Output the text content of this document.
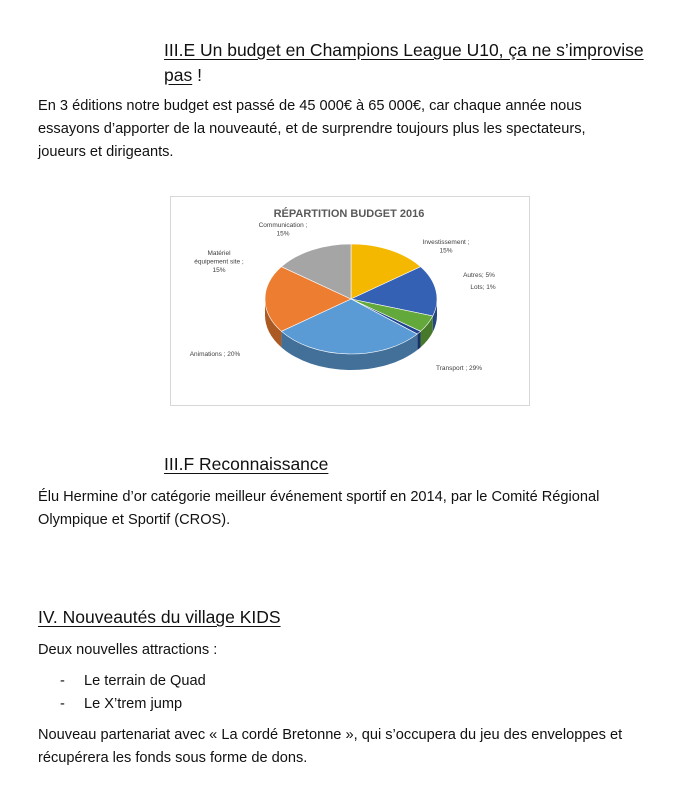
III.E Un budget en Champions League U10, ça ne s’improvise
pas !
En 3 éditions notre budget est passé de 45 000€ à 65 000€, car chaque année nous
essayons d’apporter de la nouveauté, et de surprendre toujours plus les spectateurs,
joueurs et dirigeants.
RÉPARTITION BUDGET 2016
Communication ; 15%
Investissement ; 15%
Autres; 5%
Lots; 1%
Transport ; 29%
Animations ; 20%
Matériel équipement site ; 15%
III.F Reconnaissance
Élu Hermine d’or catégorie meilleur événement sportif en 2014, par le Comité Régional
Olympique et Sportif (CROS).
IV. Nouveautés du village KIDS
Deux nouvelles attractions :
-	Le terrain de Quad
-	Le X’trem jump
Nouveau partenariat avec « La cordé Bretonne », qui s’occupera du jeu des enveloppes et
récupérera les fonds sous forme de dons.
